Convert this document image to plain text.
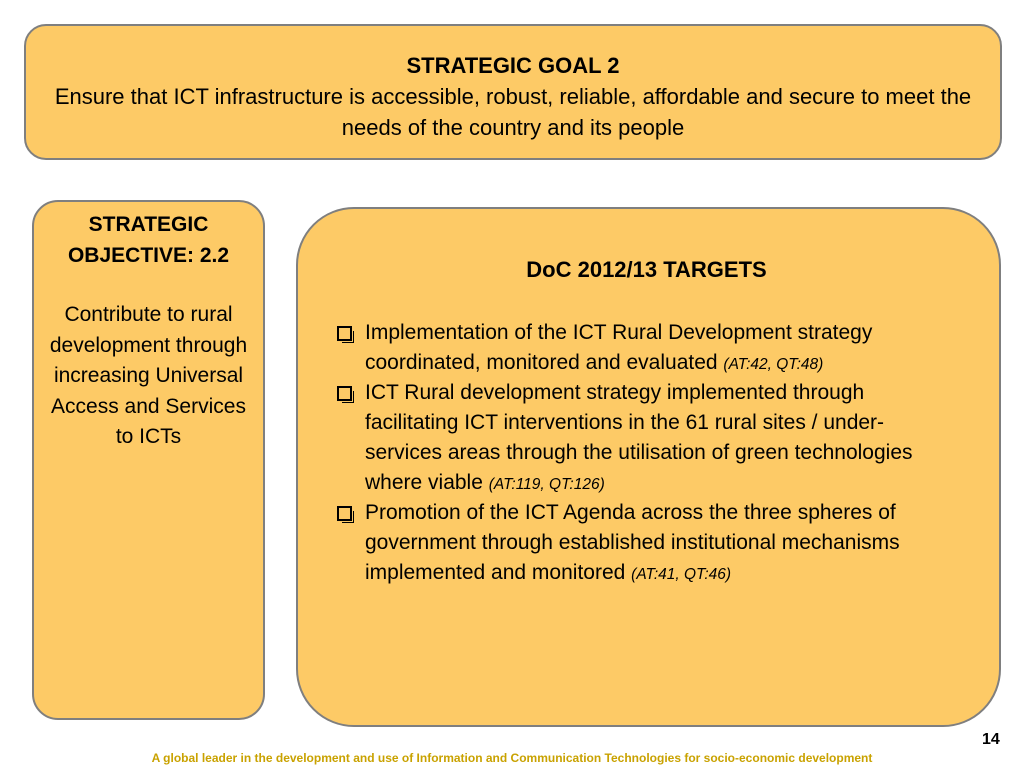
STRATEGIC GOAL 2
Ensure that ICT infrastructure is accessible, robust, reliable, affordable and secure to meet the needs of the country and its people
STRATEGIC OBJECTIVE: 2.2
Contribute to rural development through increasing Universal Access and Services to ICTs
DoC 2012/13 TARGETS
Implementation of the ICT Rural Development strategy coordinated, monitored and evaluated (AT:42, QT:48)
ICT Rural development strategy implemented through facilitating ICT interventions in the 61 rural sites / under-services areas through the utilisation of green technologies where viable (AT:119, QT:126)
Promotion of the ICT Agenda across the three spheres of government through established institutional mechanisms implemented and monitored (AT:41, QT:46)
14
A global leader in the development and use of Information and Communication Technologies for socio-economic development
